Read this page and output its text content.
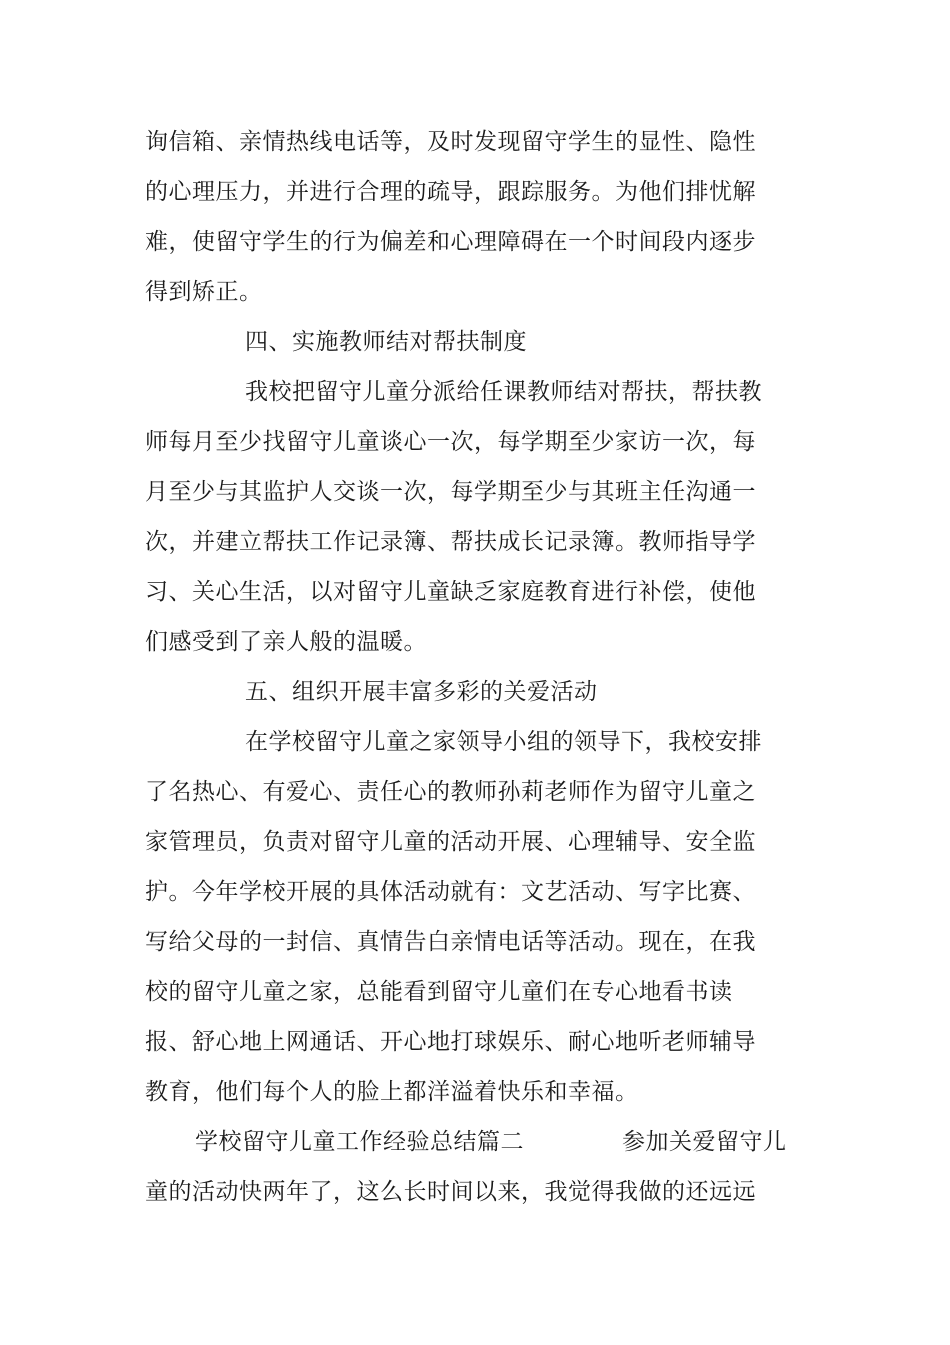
询信箱、亲情热线电话等，及时发现留守学生的显性、隐性
的心理压力，并进行合理的疏导，跟踪服务。为他们排忧解
难，使留守学生的行为偏差和心理障碍在一个时间段内逐步
得到矫正。
四、实施教师结对帮扶制度
我校把留守儿童分派给任课教师结对帮扶，帮扶教
师每月至少找留守儿童谈心一次，每学期至少家访一次，每
月至少与其监护人交谈一次，每学期至少与其班主任沟通一
次，并建立帮扶工作记录簿、帮扶成长记录簿。教师指导学
习、关心生活，以对留守儿童缺乏家庭教育进行补偿，使他
们感受到了亲人般的温暖。
五、组织开展丰富多彩的关爱活动
在学校留守儿童之家领导小组的领导下，我校安排
了名热心、有爱心、责任心的教师孙莉老师作为留守儿童之
家管理员，负责对留守儿童的活动开展、心理辅导、安全监
护。今年学校开展的具体活动就有：文艺活动、写字比赛、
写给父母的一封信、真情告白亲情电话等活动。现在，在我
校的留守儿童之家，总能看到留守儿童们在专心地看书读
报、舒心地上网通话、开心地打球娱乐、耐心地听老师辅导
教育，他们每个人的脸上都洋溢着快乐和幸福。
学校留守儿童工作经验总结篇二	参加关爱留守儿
童的活动快两年了，这么长时间以来，我觉得我做的还远远
